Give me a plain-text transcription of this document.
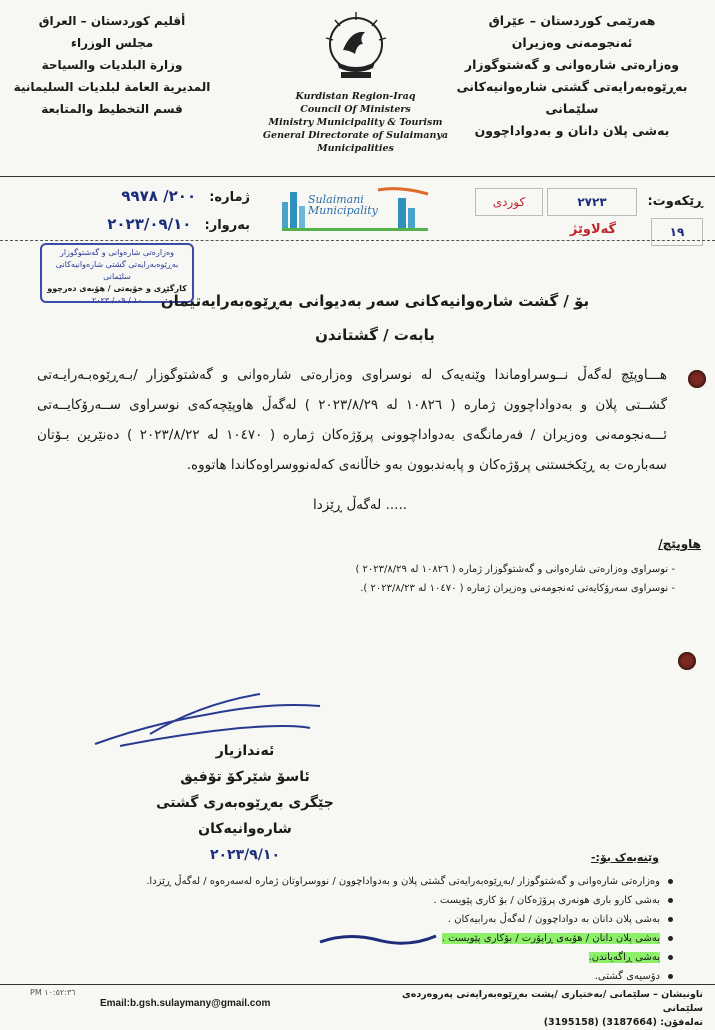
هەرێمی کوردستان – عێراق
ئەنجومەنی وەزیران
وەزارەتی شارەوانی و گەشتوگوزار
بەڕێوەبەرایەتی گشتی شارەوانیەکانی سلێمانی
بەشی پلان دانان و بەدواداچوون
أقليم كوردستان – العراق
مجلس الوزراء
وزارة البلديات والسياحة
المديرية العامة لبلديات السليمانية
قسم التخطيط والمتابعة
Kurdistan Region-Iraq
Council Of Ministers
Ministry Municipality & Tourism
General Directorate of Sulaimanya Municipalities
ڕێکەوت:
٢٧٢٣
کوردی
١٩
گەلاوێژ
ژمارە: ٢٠٠/ ٩٩٧٨
بەروار: ٢٠٢٣/٠٩/١٠
Sulaimani Municipality
وەزارەتی شارەوانی و گەشتوگوزار
بەڕێوەبەرایەتی گشتی شارەوانیەکانی سلێمانی
کارگێڕی و خۆیەتی / هۆبەی دەرچوو
١٠ / ٠٩ / ٢٠٢٣	بۆ / گشت شارەوانیەکانی سەر بەدیوانی بەڕێوەبەرایەتیمان
بابەت / گشتاندن
هـــاوپێچ لەگەڵ نــوسراوماندا وێنەیەک لە نوسراوی وەزارەتی شارەوانی و گەشتوگوزار /بـەڕێوەبـەرایـەتی گشــتی پلان و بەدواداچوون ژمارە ( ١٠٨٢٦ لە ٢٠٢٣/٨/٢٩ ) لەگەڵ هاوپێچەکەی نوسراوی ســەرۆکایــەتی ئـــەنجومەنی وەزیران / فەرمانگەی بەدواداچوونی پرۆژەکان ژمارە ( ١٠٤٧٠ لە ٢٠٢٣/٨/٢٢ ) دەنێرین بـۆتان سەبارەت بە ڕێکخستنی پرۆژەکان و پابەندبوون بەو خاڵانەی کەلەنووسراوەکاندا هاتووە.
..... لەگەڵ ڕێزدا
هاوپێچ/
- نوسراوی وەزارەتی شارەوانی و گەشتوگوزار ژمارە ( ١٠٨٢٦ لە ٢٠٢٣/٨/٢٩ )
- نوسراوی سەرۆکایەتی ئەنجومەنی وەزیران ژمارە ( ١٠٤٧٠ لە ٢٠٢٣/٨/٢٣ ).
ئەندازیار
ئاسۆ شێرکۆ تۆفیق
جێگری بەڕێوەبەری گشتی شارەوانیەکان
٢٠٢٣/٩/١٠	وێنەیەک بۆ:-
وەزارەتی شارەوانی و گەشتوگوزار /بەڕێوەبەرایەتی گشتی پلان و بەدواداچوون / نووسراوتان ژمارە لەسەرەوە / لەگەڵ ڕێزدا.
بەشی کارو باری هونەری پرۆژەکان / بۆ کاری پێویست .
بەشی پلان دانان بە دواداچوون / لەگەڵ بەرابیەکان .
بەشی پلان دانان / هۆبەی ڕاپۆرت / بۆکاری پێویست .
بەشی ڕاگەیاندن.
دۆسیەی گشتی.
١٠:٥٢:٣٦ PM	ناونیشان – سلێمانی /بەختیاری /پشت بەڕێوەبەرایەتی پەروەردەی سلێمانی
تەلەفۆن: (3187664) (3195158)
Email:b.gsh.sulaymany@gmail.com
